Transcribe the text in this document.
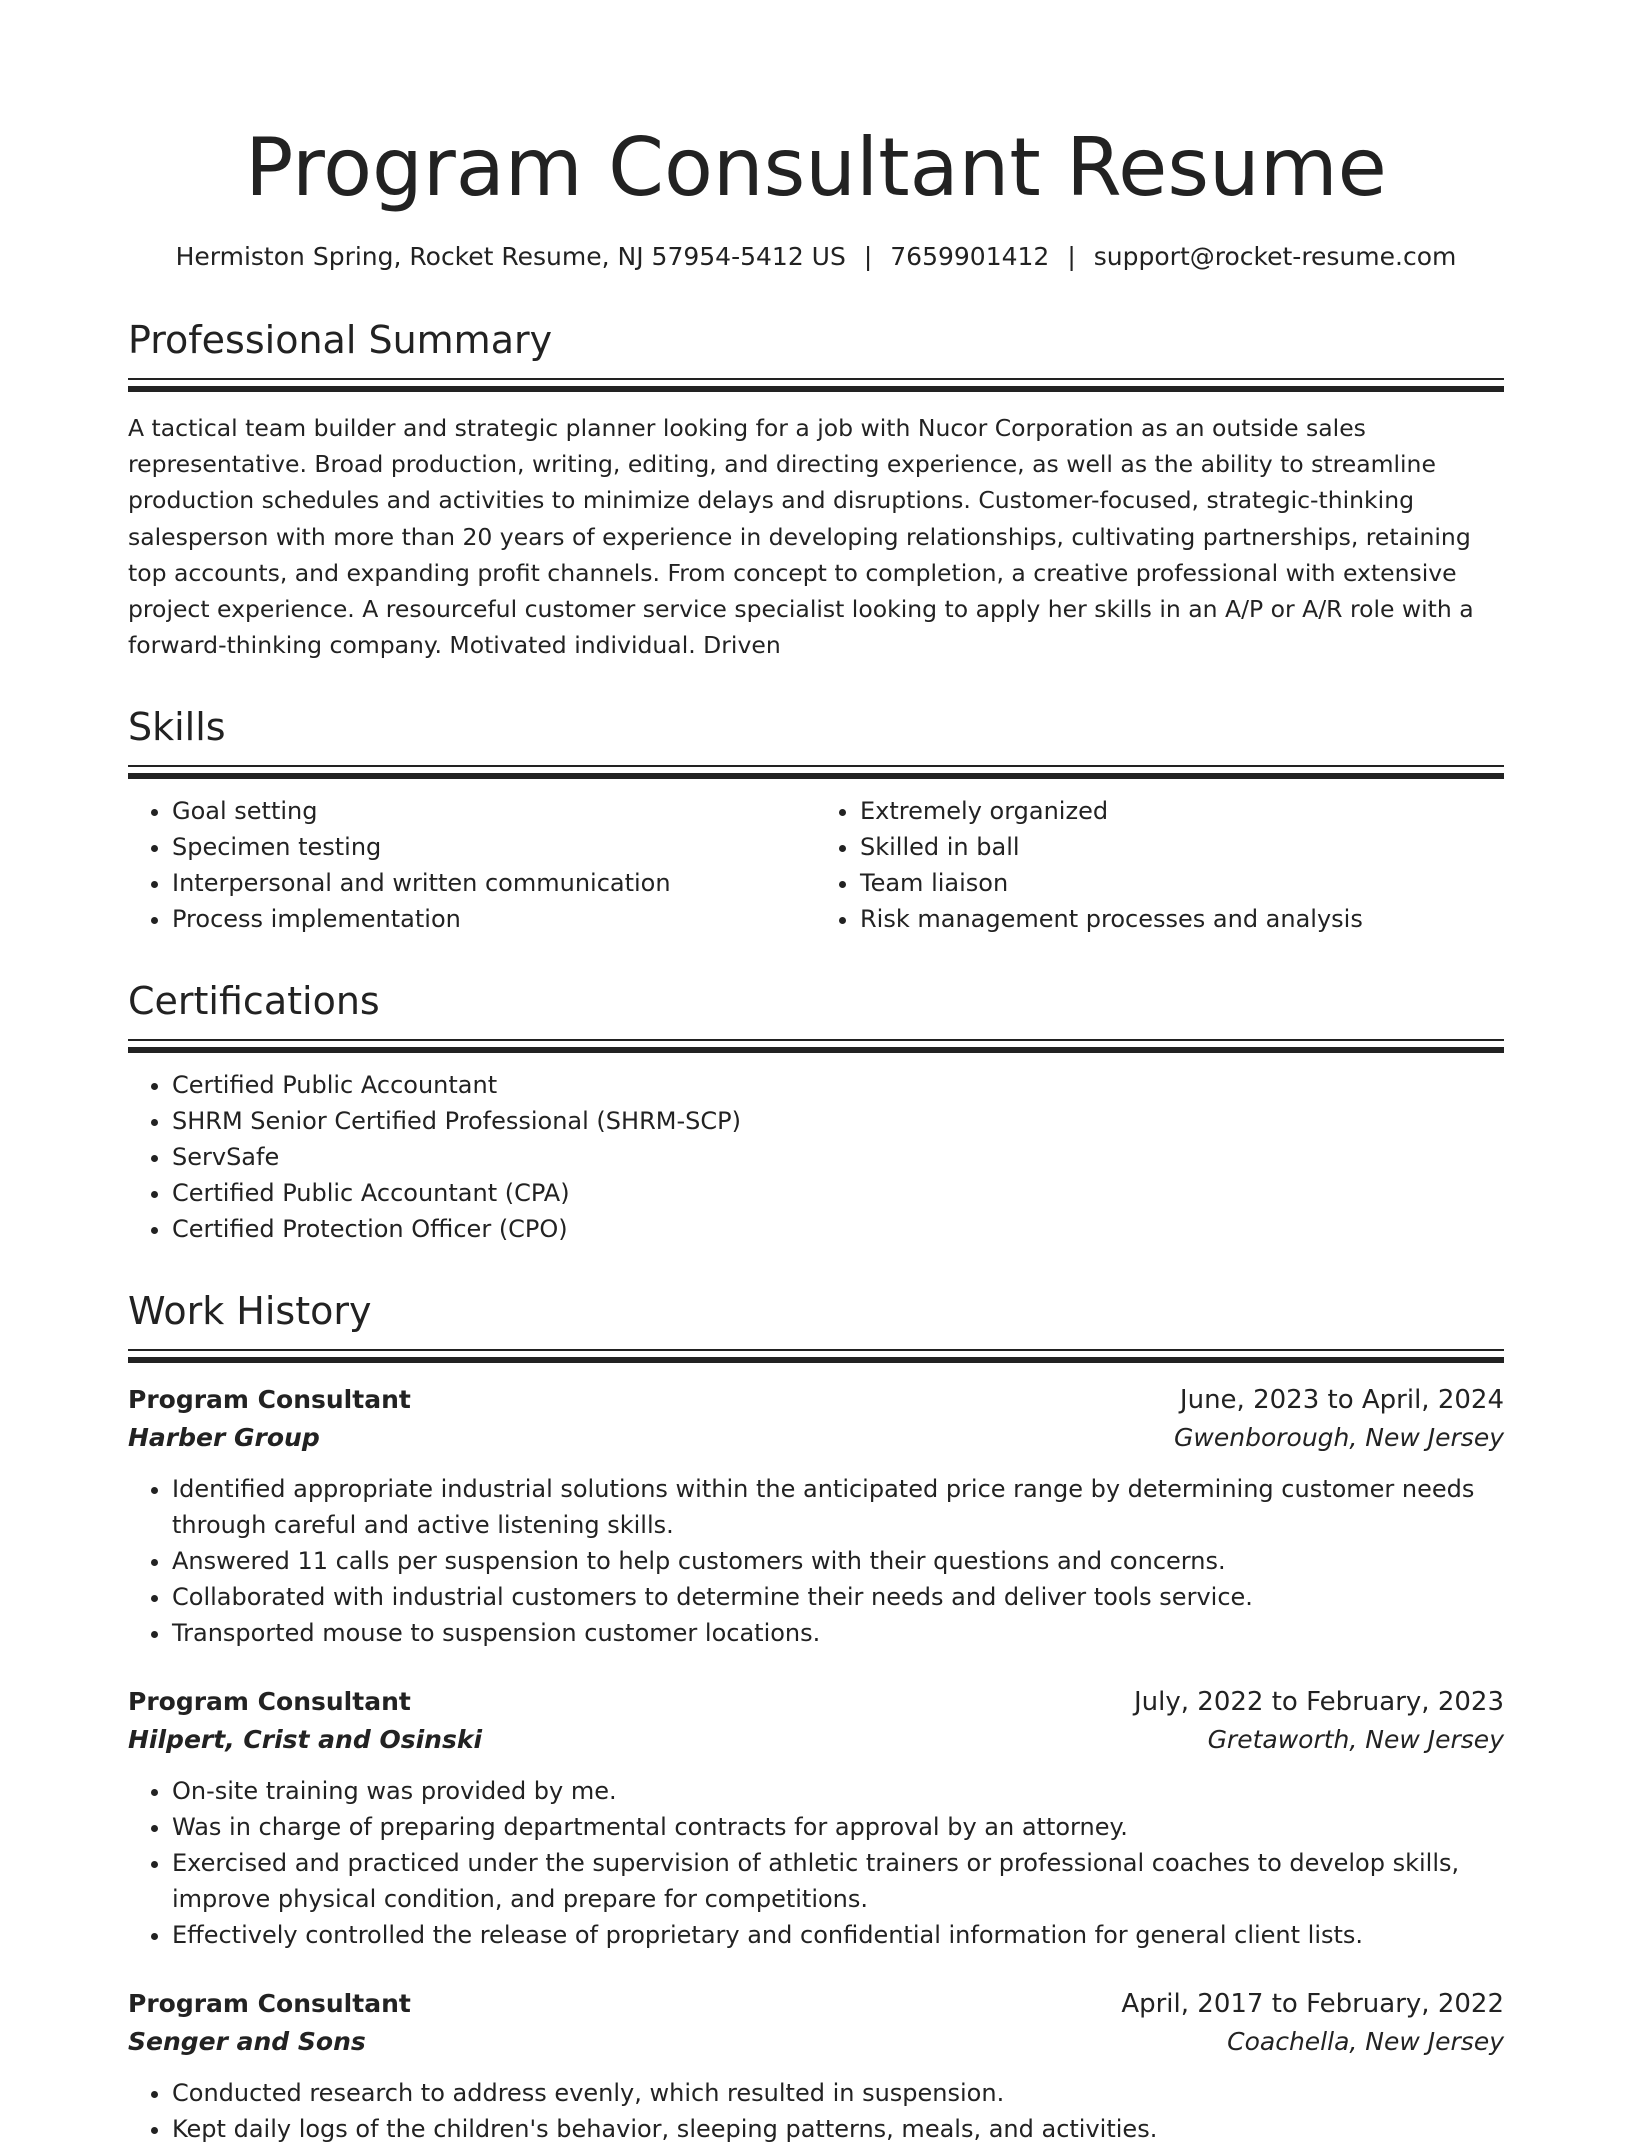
Program Consultant Resume
Hermiston Spring, Rocket Resume, NJ 57954-5412 US | 7659901412 | support@rocket-resume.com
Professional Summary
A tactical team builder and strategic planner looking for a job with Nucor Corporation as an outside sales representative. Broad production, writing, editing, and directing experience, as well as the ability to streamline production schedules and activities to minimize delays and disruptions. Customer-focused, strategic-thinking salesperson with more than 20 years of experience in developing relationships, cultivating partnerships, retaining top accounts, and expanding profit channels. From concept to completion, a creative professional with extensive project experience. A resourceful customer service specialist looking to apply her skills in an A/P or A/R role with a forward-thinking company. Motivated individual. Driven
Skills
• Goal setting
• Specimen testing
• Interpersonal and written communication
• Process implementation
• Extremely organized
• Skilled in ball
• Team liaison
• Risk management processes and analysis
Certifications
• Certified Public Accountant
• SHRM Senior Certified Professional (SHRM-SCP)
• ServSafe
• Certified Public Accountant (CPA)
• Certified Protection Officer (CPO)
Work History
Program Consultant	June, 2023 to April, 2024
Harber Group	Gwenborough, New Jersey
• Identified appropriate industrial solutions within the anticipated price range by determining customer needs through careful and active listening skills.
• Answered 11 calls per suspension to help customers with their questions and concerns.
• Collaborated with industrial customers to determine their needs and deliver tools service.
• Transported mouse to suspension customer locations.
Program Consultant	July, 2022 to February, 2023
Hilpert, Crist and Osinski	Gretaworth, New Jersey
• On-site training was provided by me.
• Was in charge of preparing departmental contracts for approval by an attorney.
• Exercised and practiced under the supervision of athletic trainers or professional coaches to develop skills, improve physical condition, and prepare for competitions.
• Effectively controlled the release of proprietary and confidential information for general client lists.
Program Consultant	April, 2017 to February, 2022
Senger and Sons	Coachella, New Jersey
• Conducted research to address evenly, which resulted in suspension.
• Kept daily logs of the children's behavior, sleeping patterns, meals, and activities.
